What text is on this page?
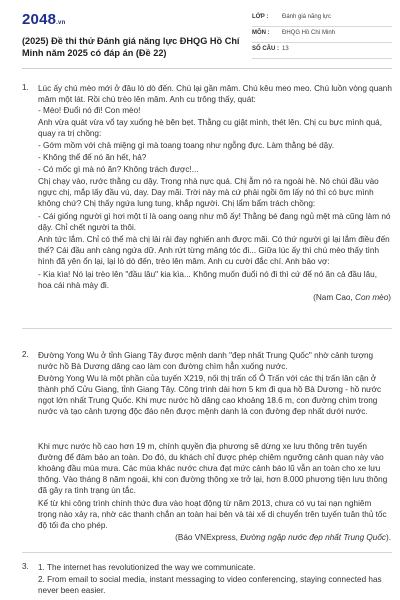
2048.vn
(2025) Đề thi thử Đánh giá năng lực ĐHQG Hồ Chí Minh năm 2025 có đáp án (Đề 22)
LỚP : Đánh giá năng lực
MÔN : ĐHQG Hồ Chí Minh
SỐ CÂU : 13
1. Lúc ấy chú mèo mới ở đâu lò dò đến. Chú lại gần mâm. Chú kêu meo meo. Chú luồn vòng quanh mâm một lát. Rồi chú trèo lên mâm. Anh cu trông thấy, quát:
- Mèo! Đuổi nó đi! Con mèo!
Anh vừa quát vừa vổ tay xuống hè bên bẹt. Thằng cu giật mình, thét lên. Chị cu bực mình quá, quay ra trị chồng:
- Gớm mồm với chả miệng gì mà toang toang như ngỗng đực. Làm thằng bé dậy.
- Không thể để nó ăn hết, hả?
- Có mốc gì mà nó ăn? Không trách được!...
Chị chạy vào, rước thằng cu dậy. Trong nhà nực quá. Chị ẵm nó ra ngoài hè. Nó chúi đầu vào ngực chị, mắp lấy đầu vú, day. Day mãi. Trời này mà cứ phải ngồi ôm lấy nó thì có bực mình không chứ? Chị thấy ngứa lung tung, khắp người. Chị lẩm bẩm trách chồng:
- Cái giống người gì hơi một tí là oang oang như mõ ấy! Thằng bé đang ngủ mệt mà cũng làm nó dậy. Chỉ chết người ta thôi.
Anh tức lắm. Chỉ có thể mà chị lải rải đay nghiến anh được mãi. Có thứ người gì lại lắm điều đến thế? Cái đầu anh càng ngứa dữ. Anh rứt từng mảng tóc đi... Giữa lúc ấy thì chú mèo thấy tình hình đã yên ổn lại, lại lò dò đến, trèo lên mâm. Anh cu cười đắc chí. Anh bảo vợ:
- Kia kìa! Nó lại trèo lên "đầu lâu" kia kìa... Không muốn đuổi nó đi thì cứ để nó ăn cả đầu lâu, hoa cái nhà mày đi.
(Nam Cao, Con mèo)
2. Đường Yong Wu ở tỉnh Giang Tây được mệnh danh "đẹp nhất Trung Quốc" nhờ cảnh tượng nước hồ Bà Dương dâng cao làm con đường chìm hẳn xuống nước.
Đường Yong Wu là một phần của tuyến X219, nối thị trấn cổ Ô Trấn với các thị trấn lân cận ở thành phố Cửu Giang, tỉnh Giang Tây. Công trình dài hơn 5 km đi qua hồ Bà Dương - hồ nước ngọt lớn nhất Trung Quốc. Khi mực nước hồ dâng cao khoảng 18.6 m, con đường chìm trong nước và tạo cảnh tượng độc đáo nên được mệnh danh là con đường đẹp nhất dưới nước.
Khi mực nước hồ cao hơn 19 m, chính quyền địa phương sẽ dừng xe lưu thông trên tuyến đường để đảm bảo an toàn. Do đó, du khách chỉ được phép chiêm ngưỡng cảnh quan này vào khoảng đầu mùa mưa. Các mùa khác nước chưa đạt mức cảnh báo lũ vẫn an toàn cho xe lưu thông. Vào tháng 8 năm ngoái, khi con đường thông xe trở lại, hơn 8.000 phương tiện lưu thông đã gây ra tình trạng ùn tắc.
Kể từ khi công trình chính thức đưa vào hoạt động từ năm 2013, chưa có vụ tai nạn nghiêm trọng nào xảy ra, nhờ các thanh chắn an toàn hai bên và tài xế di chuyển trên tuyến tuân thủ tốc độ tối đa cho phép.
(Báo VNExpress, Đường ngập nước đẹp nhất Trung Quốc).
3. 1. The internet has revolutionized the way we communicate.
2. From email to social media, instant messaging to video conferencing, staying connected has never been easier.
